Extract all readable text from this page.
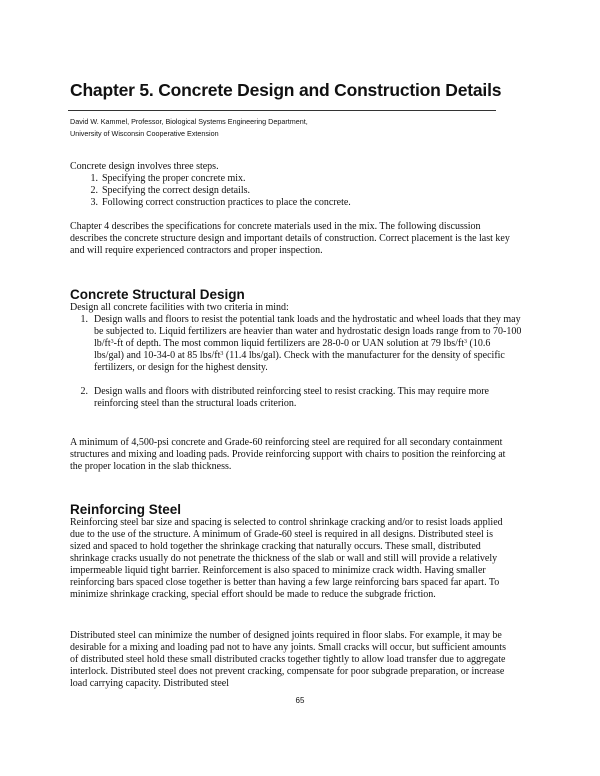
Chapter 5. Concrete Design and Construction Details
David W. Kammel, Professor, Biological Systems Engineering Department,
University of Wisconsin Cooperative Extension
Concrete design involves three steps.
1. Specifying the proper concrete mix.
2. Specifying the correct design details.
3. Following correct construction practices to place the concrete.
Chapter 4 describes the specifications for concrete materials used in the mix. The following discussion describes the concrete structure design and important details of construction. Correct placement is the last key and will require experienced contractors and proper inspection.
Concrete Structural Design
Design all concrete facilities with two criteria in mind:
1. Design walls and floors to resist the potential tank loads and the hydrostatic and wheel loads that they may be subjected to. Liquid fertilizers are heavier than water and hydrostatic design loads range from to 70-100 $lb/ft^3-ft$ of depth. The most common liquid fertilizers are 28-0-0 or UAN solution at 79 lbs/$ft^3$ (10.6 lbs/gal) and 10-34-0 at 85 lbs/$ft^3$ (11.4 lbs/gal). Check with the manufacturer for the density of specific fertilizers, or design for the highest density.
2. Design walls and floors with distributed reinforcing steel to resist cracking. This may require more reinforcing steel than the structural loads criterion.
A minimum of 4,500-psi concrete and Grade-60 reinforcing steel are required for all secondary containment structures and mixing and loading pads. Provide reinforcing support with chairs to position the reinforcing at the proper location in the slab thickness.
Reinforcing Steel
Reinforcing steel bar size and spacing is selected to control shrinkage cracking and/or to resist loads applied due to the use of the structure. A minimum of Grade-60 steel is required in all designs. Distributed steel is sized and spaced to hold together the shrinkage cracking that naturally occurs. These small, distributed shrinkage cracks usually do not penetrate the thickness of the slab or wall and still will provide a relatively impermeable liquid tight barrier. Reinforcement is also spaced to minimize crack width. Having smaller reinforcing bars spaced close together is better than having a few large reinforcing bars spaced far apart. To minimize shrinkage cracking, special effort should be made to reduce the subgrade friction.
Distributed steel can minimize the number of designed joints required in floor slabs. For example, it may be desirable for a mixing and loading pad not to have any joints. Small cracks will occur, but sufficient amounts of distributed steel hold these small distributed cracks together tightly to allow load transfer due to aggregate interlock. Distributed steel does not prevent cracking, compensate for poor subgrade preparation, or increase load carrying capacity. Distributed steel
65
